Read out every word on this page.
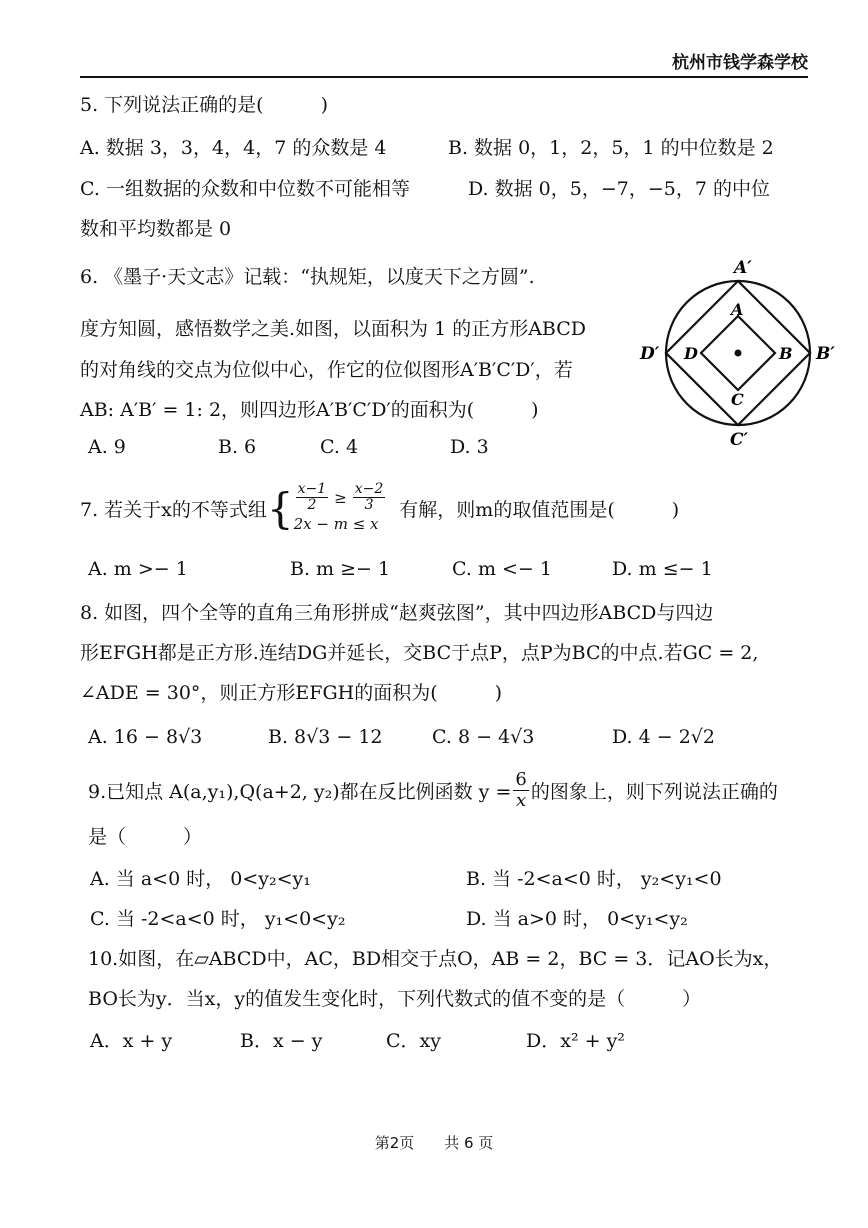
杭州市钱学森学校
5. 下列说法正确的是(　　　)
A. 数据 3，3，4，4，7 的众数是 4	B. 数据 0，1，2，5，1 的中位数是 2
C. 一组数据的众数和中位数不可能相等	D. 数据 0，5，−7，−5，7 的中位
数和平均数都是 0
6. 《墨子·天文志》记载：“执规矩，以度天下之方圆”.
度方知圆，感悟数学之美.如图，以面积为 1 的正方形ABCD
的对角线的交点为位似中心，作它的位似图形A′B′C′D′，若
AB: A′B′ = 1: 2，则四边形A′B′C′D′的面积为(　　　)
A. 9	B. 6	C. 4	D. 3
A′
B′
C′
D′
A
B
C
D
7. 若关于x的不等式组 { $\frac{x-1}{2} \ge \frac{x-2}{3}$
2x − m ≤ x
有解，则m的取值范围是(　　　)
A. m >− 1	B. m ≥− 1	C. m <− 1	D. m ≤− 1
8. 如图，四个全等的直角三角形拼成“赵爽弦图”，其中四边形ABCD与四边
形EFGH都是正方形.连结DG并延长，交BC于点P，点P为BC的中点.若GC = 2,
∠ADE = 30°，则正方形EFGH的面积为(　　　)
A. 16 − 8√3	B. 8√3 − 12	C. 8 − 4√3	D. 4 − 2√2
9.已知点 A(a,y₁),Q(a+2, y₂)都在反比例函数 $y = \frac{6}{x}$ 的图象上，则下列说法正确的
是（　　　）
A. 当 a<0 时， 0<y₂<y₁	B. 当 -2<a<0 时， y₂<y₁<0
C. 当 -2<a<0 时， y₁<0<y₂	D. 当 a>0 时， 0<y₁<y₂
10.如图，在▱ABCD中，AC，BD相交于点O，AB = 2，BC = 3．记AO长为x，
BO长为y．当x，y的值发生变化时，下列代数式的值不变的是（　　　）
A．x + y	B．x − y	C．xy	D．x² + y²
第2页　　共 6 页
